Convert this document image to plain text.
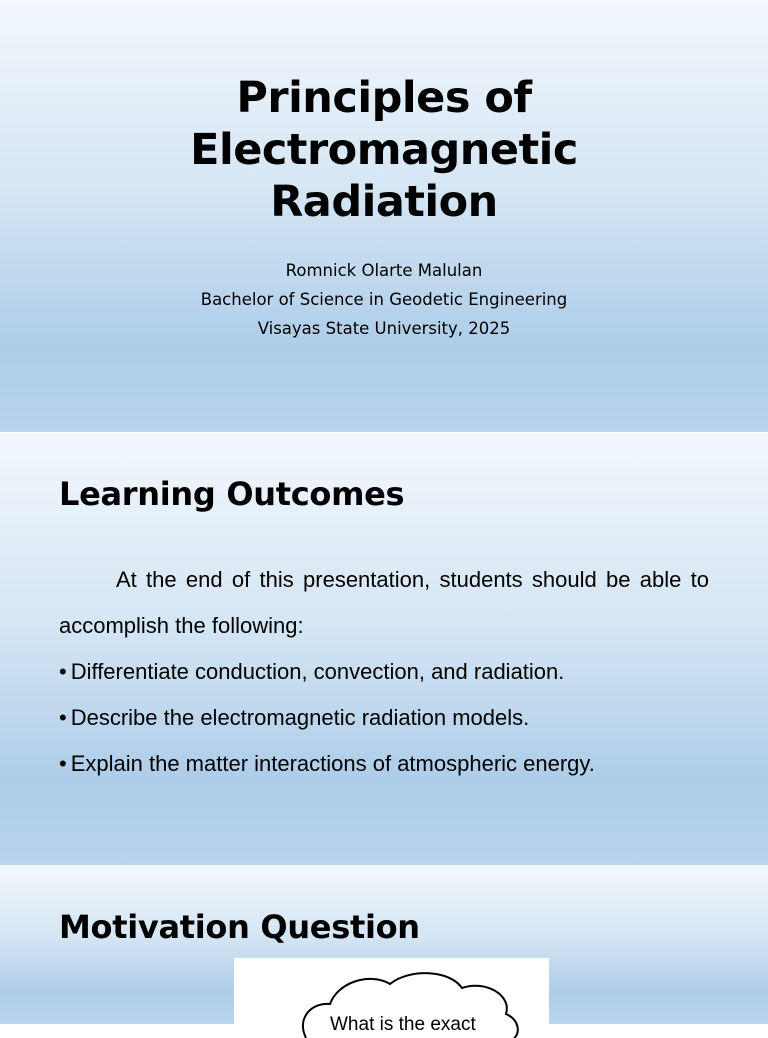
Principles of
Electromagnetic
Radiation
Romnick Olarte Malulan
Bachelor of Science in Geodetic Engineering
Visayas State University, 2025
Learning Outcomes

At the end of this presentation, students should be able to accomplish the following:

• Differentiate conduction, convection, and radiation.
• Describe the electromagnetic radiation models.
• Explain the matter interactions of atmospheric energy.
Motivation Question
What is the exact
